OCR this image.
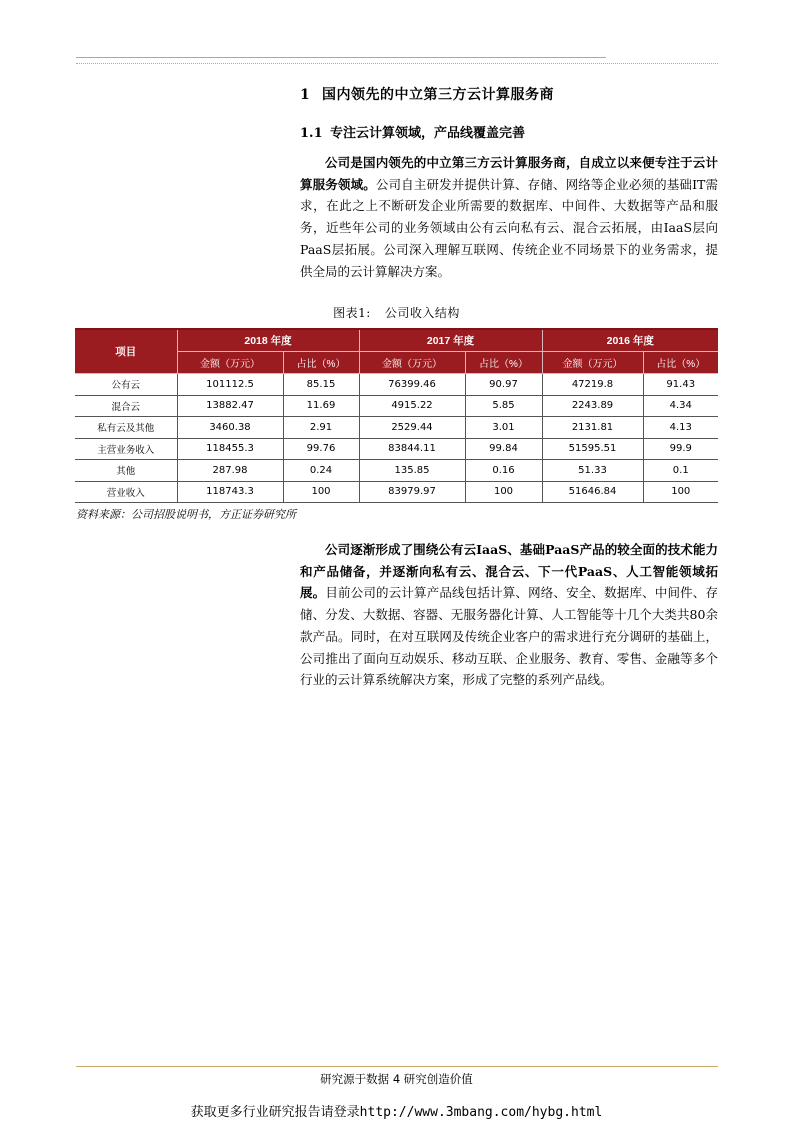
1 国内领先的中立第三方云计算服务商
1.1 专注云计算领域，产品线覆盖完善
公司是国内领先的中立第三方云计算服务商，自成立以来便专注于云计算服务领域。公司自主研发并提供计算、存储、网络等企业必须的基础IT需求，在此之上不断研发企业所需要的数据库、中间件、大数据等产品和服务，近些年公司的业务领域由公有云向私有云、混合云拓展，由IaaS层向PaaS层拓展。公司深入理解互联网、传统企业不同场景下的业务需求，提供全局的云计算解决方案。
图表1: 公司收入结构
项目	2018 年度		2017 年度		2016 年度	
	金额（万元）	占比（%）	金额（万元）	占比（%）	金额（万元）	占比（%）
公有云	101112.5	85.15	76399.46	90.97	47219.8	91.43
混合云	13882.47	11.69	4915.22	5.85	2243.89	4.34
私有云及其他	3460.38	2.91	2529.44	3.01	2131.81	4.13
主营业务收入	118455.3	99.76	83844.11	99.84	51595.51	99.9
其他	287.98	0.24	135.85	0.16	51.33	0.1
营业收入	118743.3	100	83979.97	100	51646.84	100
资料来源：公司招股说明书，方正证券研究所
公司逐渐形成了围绕公有云IaaS、基础PaaS产品的较全面的技术能力和产品储备，并逐渐向私有云、混合云、下一代PaaS、人工智能领域拓展。目前公司的云计算产品线包括计算、网络、安全、数据库、中间件、存储、分发、大数据、容器、无服务器化计算、人工智能等十几个大类共80余款产品。同时，在对互联网及传统企业客户的需求进行充分调研的基础上，公司推出了面向互动娱乐、移动互联、企业服务、教育、零售、金融等多个行业的云计算系统解决方案，形成了完整的系列产品线。
研究源于数据 4 研究创造价值
获取更多行业研究报告请登录http://www.3mbang.com/hybg.html
